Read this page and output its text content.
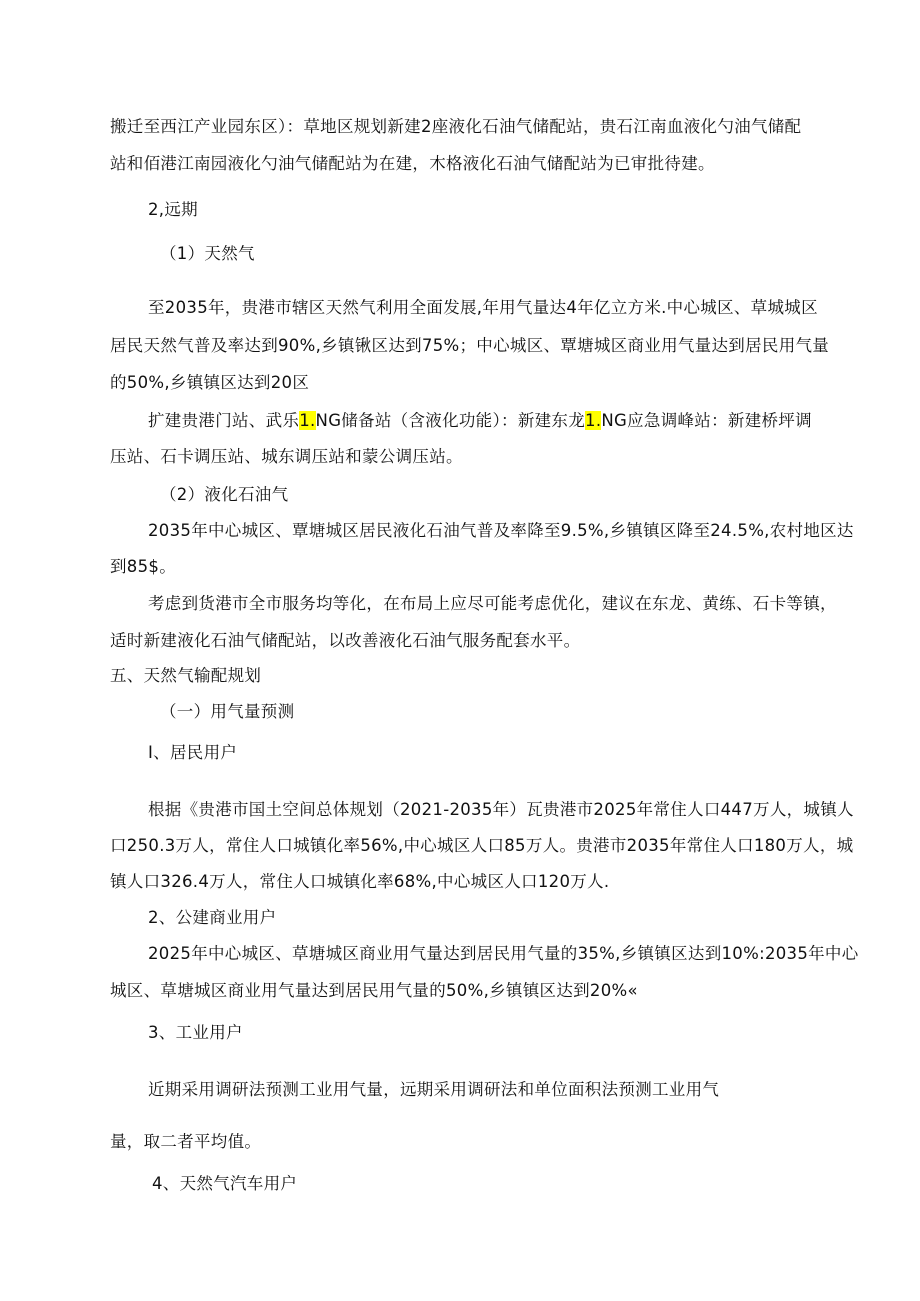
搬迁至西江产业园东区）：草地区规划新建2座液化石油气储配站，贵石江南血液化勺油气储配
站和佰港江南园液化勺油气储配站为在建，木格液化石油气储配站为已审批待建。
2,远期
（1）天然气
至2035年，贵港市辖区天然气利用全面发展,年用气量达4年亿立方米.中心城区、草城城区
居民天然气普及率达到90%,乡镇锹区达到75%；中心城区、覃塘城区商业用气量达到居民用气量
的50%,乡镇镇区达到20区
扩建贵港门站、武乐1.NG储备站（含液化功能）：新建东龙1.NG应急调峰站：新建桥坪调
压站、石卡调压站、城东调压站和蒙公调压站。
（2）液化石油气
2035年中心城区、覃塘城区居民液化石油气普及率降至9.5%,乡镇镇区降至24.5%,农村地区达
到85$。
考虑到货港市全市服务均等化，在布局上应尽可能考虑优化，建议在东龙、黄练、石卡等镇，
适时新建液化石油气储配站，以改善液化石油气服务配套水平。
五、天然气输配规划
（一）用气量预测
I、居民用户
根据《贵港市国土空间总体规划（2021-2035年）瓦贵港市2025年常住人口447万人，城镇人
口250.3万人，常住人口城镇化率56%,中心城区人口85万人。贵港市2035年常住人口180万人，城
镇人口326.4万人，常住人口城镇化率68%,中心城区人口120万人.
2、公建商业用户
2025年中心城区、草塘城区商业用气量达到居民用气量的35%,乡镇镇区达到10%:2035年中心
城区、草塘城区商业用气量达到居民用气量的50%,乡镇镇区达到20%«
3、工业用户
近期采用调研法预测工业用气量，远期采用调研法和单位面积法预测工业用气
量，取二者平均值。
4、天然气汽车用户
